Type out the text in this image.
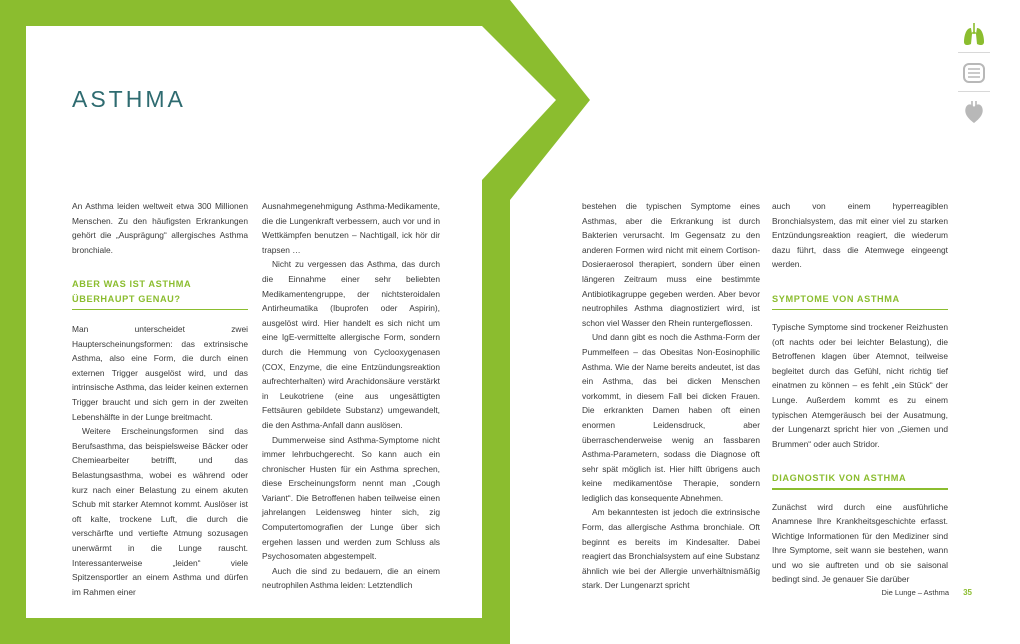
ASTHMA

An Asthma leiden weltweit etwa 300 Millionen Menschen. Zu den häufigsten Erkrankungen gehört die „Ausprägung“ allergisches Asthma bronchiale.

ABER WAS IST ASTHMA ÜBERHAUPT GENAU?

Man unterscheidet zwei Haupterscheinungsformen: das extrinsische Asthma, also eine Form, die durch einen externen Trigger ausgelöst wird, und das intrinsische Asthma, das leider keinen externen Trigger braucht und sich gern in der zweiten Lebenshälfte in der Lunge breitmacht.

Weitere Erscheinungsformen sind das Berufsasthma, das beispielsweise Bäcker oder Chemiearbeiter betrifft, und das Belastungsasthma, wobei es während oder kurz nach einer Belastung zu einem akuten Schub mit starker Atemnot kommt. Auslöser ist oft kalte, trockene Luft, die durch die verschärfte und vertiefte Atmung sozusagen unerwärmt in die Lunge rauscht. Interessanterweise „leiden“ viele Spitzensportler an einem Asthma und dürfen im Rahmen einer

Ausnahmegenehmigung Asthma-Medikamente, die die Lungenkraft verbessern, auch vor und in Wettkämpfen benutzen – Nachtigall, ick hör dir trapsen …

Nicht zu vergessen das Asthma, das durch die Einnahme einer sehr beliebten Medikamentengruppe, der nichtsteroidalen Antirheumatika (Ibuprofen oder Aspirin), ausgelöst wird. Hier handelt es sich nicht um eine IgE-vermittelte allergische Form, sondern durch die Hemmung von Cyclooxygenasen (COX, Enzyme, die eine Entzündungsreaktion aufrechterhalten) wird Arachidonsäure verstärkt in Leukotriene (eine aus ungesättigten Fettsäuren gebildete Substanz) umgewandelt, die den Asthma-Anfall dann auslösen.

Dummerweise sind Asthma-Symptome nicht immer lehrbuchgerecht. So kann auch ein chronischer Husten für ein Asthma sprechen, diese Erscheinungsform nennt man „Cough Variant“. Die Betroffenen haben teilweise einen jahrelangen Leidensweg hinter sich, zig Computertomografien der Lunge über sich ergehen lassen und werden zum Schluss als Psychosomaten abgestempelt.

Auch die sind zu bedauern, die an einem neutrophilen Asthma leiden: Letztendlich

bestehen die typischen Symptome eines Asthmas, aber die Erkrankung ist durch Bakterien verursacht. Im Gegensatz zu den anderen Formen wird nicht mit einem Cortison-Dosieraerosol therapiert, sondern über einen längeren Zeitraum muss eine bestimmte Antibiotikagruppe gegeben werden. Aber bevor neutrophiles Asthma diagnostiziert wird, ist schon viel Wasser den Rhein runtergeflossen.

Und dann gibt es noch die Asthma-Form der Pummelfeen – das Obesitas Non-Eosinophilic Asthma. Wie der Name bereits andeutet, ist das ein Asthma, das bei dicken Menschen vorkommt, in diesem Fall bei dicken Frauen. Die erkrankten Damen haben oft einen enormen Leidensdruck, aber überraschenderweise wenig an fassbaren Asthma-Parametern, sodass die Diagnose oft sehr spät möglich ist. Hier hilft übrigens auch keine medikamentöse Therapie, sondern lediglich das konsequente Abnehmen.

Am bekanntesten ist jedoch die extrinsische Form, das allergische Asthma bronchiale. Oft beginnt es bereits im Kindesalter. Dabei reagiert das Bronchialsystem auf eine Substanz ähnlich wie bei der Allergie unverhältnismäßig stark. Der Lungenarzt spricht

auch von einem hyperreagiblen Bronchialsystem, das mit einer viel zu starken Entzündungsreaktion reagiert, die wiederum dazu führt, dass die Atemwege eingeengt werden.

SYMPTOME VON ASTHMA

Typische Symptome sind trockener Reizhusten (oft nachts oder bei leichter Belastung), die Betroffenen klagen über Atemnot, teilweise begleitet durch das Gefühl, nicht richtig tief einatmen zu können – es fehlt „ein Stück“ der Lunge. Außerdem kommt es zu einem typischen Atemgeräusch bei der Ausatmung, der Lungenarzt spricht hier von „Giemen und Brummen“ oder auch Stridor.

DIAGNOSTIK VON ASTHMA

Zunächst wird durch eine ausführliche Anamnese Ihre Krankheitsgeschichte erfasst. Wichtige Informationen für den Mediziner sind Ihre Symptome, seit wann sie bestehen, wann und wo sie auftreten und ob sie saisonal bedingt sind. Je genauer Sie darüber

Die Lunge – Asthma 35
